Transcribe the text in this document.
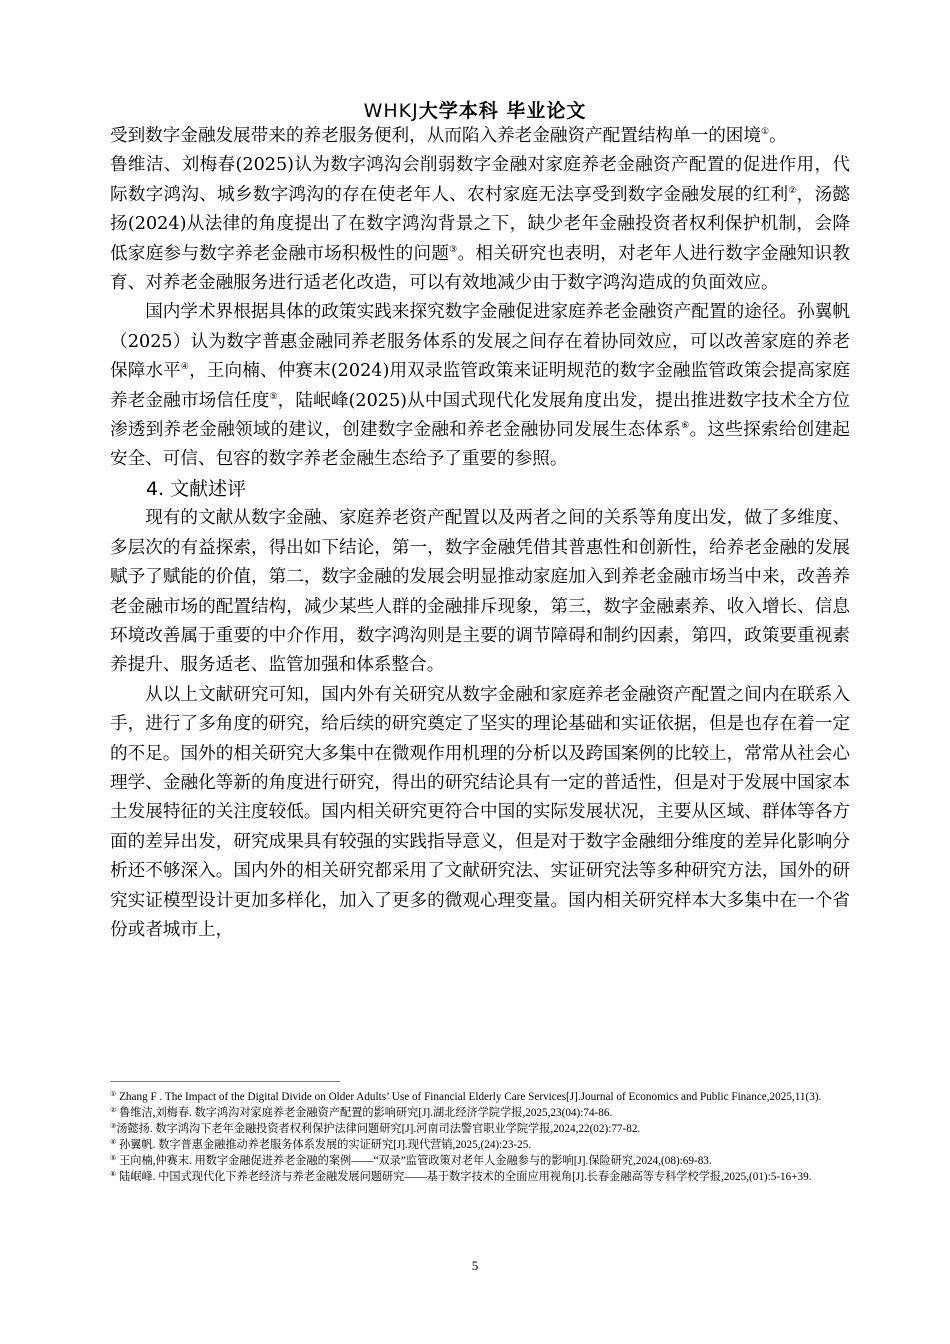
WHKJ大学本科 毕业论文

受到数字金融发展带来的养老服务便利，从而陷入养老金融资产配置结构单一的困境①。

鲁维洁、刘梅春(2025)认为数字鸿沟会削弱数字金融对家庭养老金融资产配置的促进作用，代际数字鸿沟、城乡数字鸿沟的存在使老年人、农村家庭无法享受到数字金融发展的红利②，汤懿扬(2024)从法律的角度提出了在数字鸿沟背景之下，缺少老年金融投资者权利保护机制，会降低家庭参与数字养老金融市场积极性的问题③。相关研究也表明，对老年人进行数字金融知识教育、对养老金融服务进行适老化改造，可以有效地减少由于数字鸿沟造成的负面效应。

国内学术界根据具体的政策实践来探究数字金融促进家庭养老金融资产配置的途径。孙翼帆（2025）认为数字普惠金融同养老服务体系的发展之间存在着协同效应，可以改善家庭的养老保障水平④，王向楠、仲赛末(2024)用双录监管政策来证明规范的数字金融监管政策会提高家庭养老金融市场信任度⑤，陆岷峰(2025)从中国式现代化发展角度出发，提出推进数字技术全方位渗透到养老金融领域的建议，创建数字金融和养老金融协同发展生态体系⑥。这些探索给创建起安全、可信、包容的数字养老金融生态给予了重要的参照。

4. 文献述评

现有的文献从数字金融、家庭养老资产配置以及两者之间的关系等角度出发，做了多维度、多层次的有益探索，得出如下结论，第一，数字金融凭借其普惠性和创新性，给养老金融的发展赋予了赋能的价值，第二，数字金融的发展会明显推动家庭加入到养老金融市场当中来，改善养老金融市场的配置结构，减少某些人群的金融排斥现象，第三，数字金融素养、收入增长、信息环境改善属于重要的中介作用，数字鸿沟则是主要的调节障碍和制约因素，第四，政策要重视素养提升、服务适老、监管加强和体系整合。

从以上文献研究可知，国内外有关研究从数字金融和家庭养老金融资产配置之间内在联系入手，进行了多角度的研究，给后续的研究奠定了坚实的理论基础和实证依据，但是也存在着一定的不足。国外的相关研究大多集中在微观作用机理的分析以及跨国案例的比较上，常常从社会心理学、金融化等新的角度进行研究，得出的研究结论具有一定的普适性，但是对于发展中国家本土发展特征的关注度较低。国内相关研究更符合中国的实际发展状况，主要从区域、群体等各方面的差异出发，研究成果具有较强的实践指导意义，但是对于数字金融细分维度的差异化影响分析还不够深入。国内外的相关研究都采用了文献研究法、实证研究法等多种研究方法，国外的研究实证模型设计更加多样化，加入了更多的微观心理变量。国内相关研究样本大多集中在一个省份或者城市上，

① Zhang F . The Impact of the Digital Divide on Older Adults’ Use of Financial Elderly Care Services[J].Journal of Economics and Public Finance,2025,11(3).
② 鲁维洁,刘梅春. 数字鸿沟对家庭养老金融资产配置的影响研究[J].湖北经济学院学报,2025,23(04):74-86.
③汤懿扬. 数字鸿沟下老年金融投资者权利保护法律问题研究[J].河南司法警官职业学院学报,2024,22(02):77-82.
④ 孙翼帆. 数字普惠金融推动养老服务体系发展的实证研究[J].现代营销,2025,(24):23-25.
⑤ 王向楠,仲赛末. 用数字金融促进养老金融的案例——“双录”监管政策对老年人金融参与的影响[J].保险研究,2024,(08):69-83.
⑥ 陆岷峰. 中国式现代化下养老经济与养老金融发展问题研究——基于数字技术的全面应用视角[J].长春金融高等专科学校学报,2025,(01):5-16+39.
5
